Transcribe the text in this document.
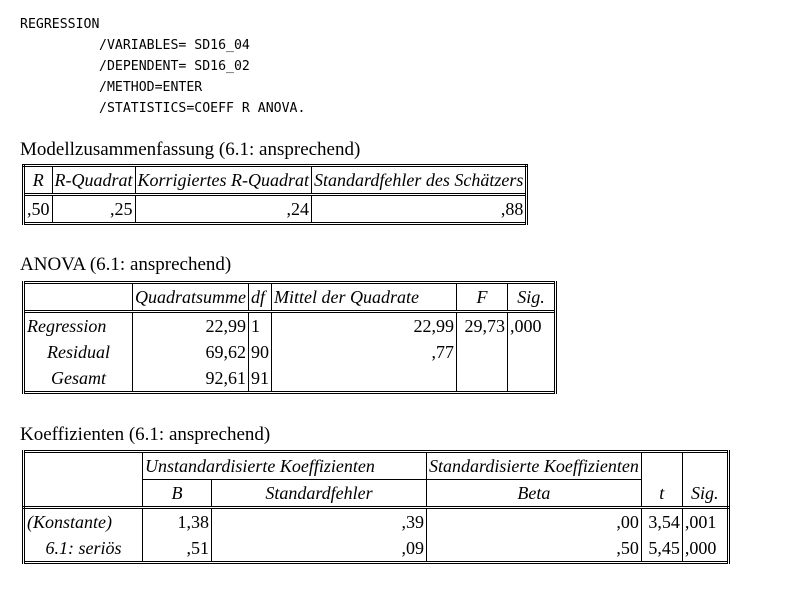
REGRESSION
/VARIABLES= SD16_04
/DEPENDENT= SD16_02
/METHOD=ENTER
/STATISTICS=COEFF R ANOVA.
Modellzusammenfassung (6.1: ansprechend)
R	R-Quadrat	Korrigiertes R-Quadrat	Standardfehler des Schätzers
,50	,25	,24	,88
ANOVA (6.1: ansprechend)
	Quadratsumme	df	Mittel der Quadrate	F	Sig.
Regression	22,99	1	22,99	29,73	,000
Residual	69,62	90	,77		
Gesamt	92,61	91			
Koeffizienten (6.1: ansprechend)
	Unstandardisierte Koeffizienten		Standardisierte Koeffizienten	t	Sig.
	B	Standardfehler	Beta		
(Konstante)	1,38	,39	,00	3,54	,001
6.1: seriös	,51	,09	,50	5,45	,000
